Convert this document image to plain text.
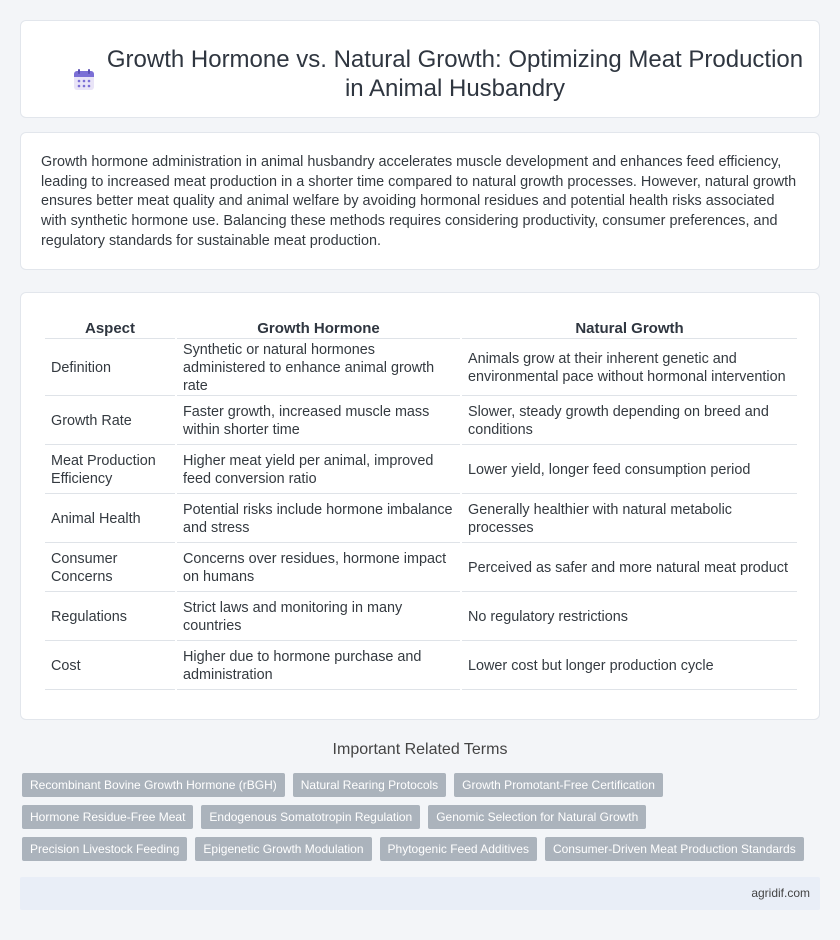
Growth Hormone vs. Natural Growth: Optimizing Meat Production in Animal Husbandry

Growth hormone administration in animal husbandry accelerates muscle development and enhances feed efficiency, leading to increased meat production in a shorter time compared to natural growth processes. However, natural growth ensures better meat quality and animal welfare by avoiding hormonal residues and potential health risks associated with synthetic hormone use. Balancing these methods requires considering productivity, consumer preferences, and regulatory standards for sustainable meat production.

Aspect	Growth Hormone	Natural Growth
Definition	Synthetic or natural hormones administered to enhance animal growth rate	Animals grow at their inherent genetic and environmental pace without hormonal intervention
Growth Rate	Faster growth, increased muscle mass within shorter time	Slower, steady growth depending on breed and conditions
Meat Production Efficiency	Higher meat yield per animal, improved feed conversion ratio	Lower yield, longer feed consumption period
Animal Health	Potential risks include hormone imbalance and stress	Generally healthier with natural metabolic processes
Consumer Concerns	Concerns over residues, hormone impact on humans	Perceived as safer and more natural meat product
Regulations	Strict laws and monitoring in many countries	No regulatory restrictions
Cost	Higher due to hormone purchase and administration	Lower cost but longer production cycle
Important Related Terms
Recombinant Bovine Growth Hormone (rBGH)	Natural Rearing Protocols	Growth Promotant-Free Certification
Hormone Residue-Free Meat	Endogenous Somatotropin Regulation	Genomic Selection for Natural Growth
Precision Livestock Feeding	Epigenetic Growth Modulation	Phytogenic Feed Additives	Consumer-Driven Meat Production Standards
agridif.com
